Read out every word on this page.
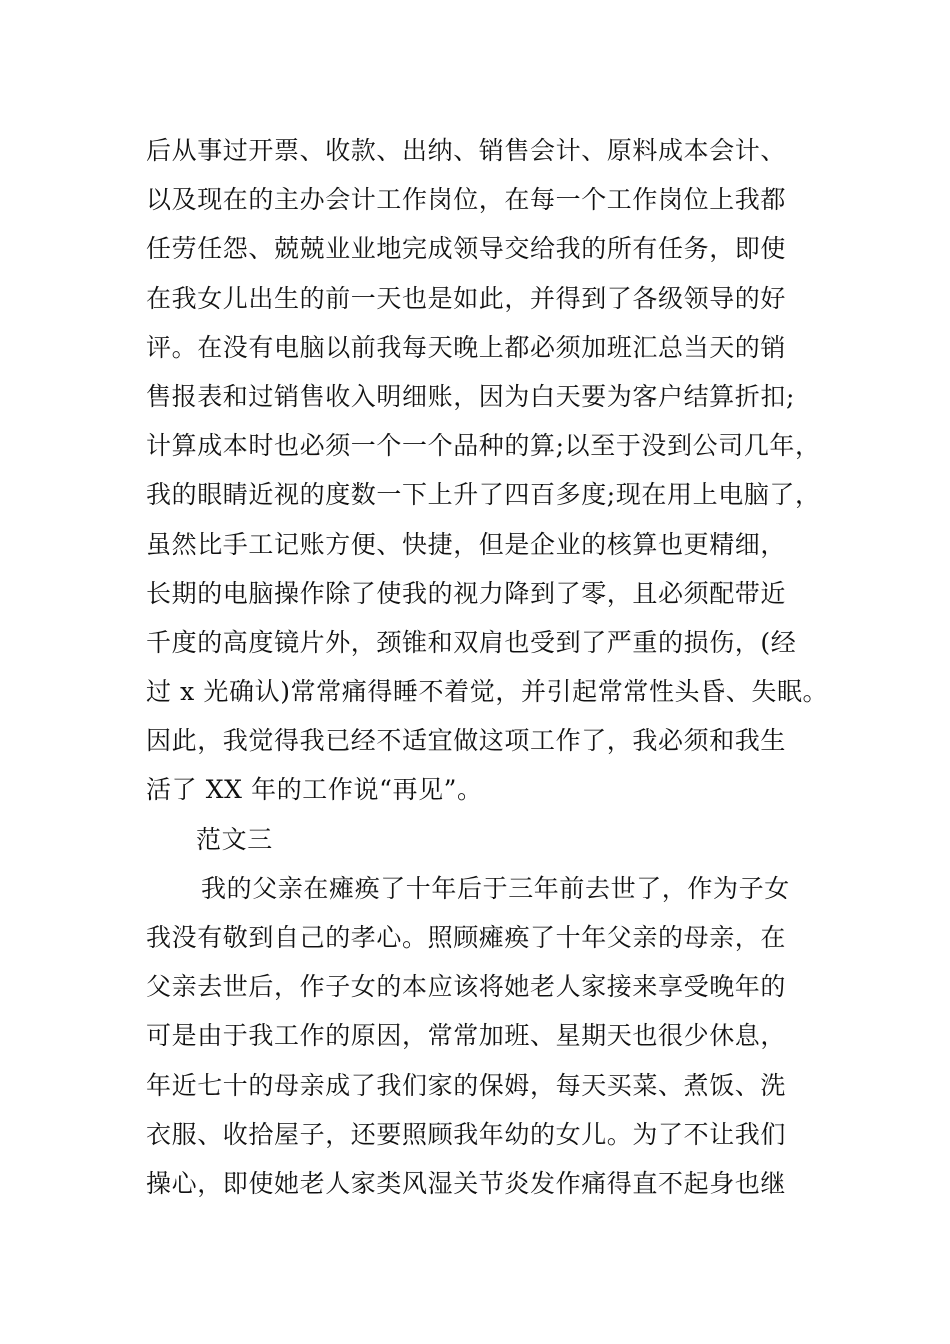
后从事过开票、收款、出纳、销售会计、原料成本会计、
以及现在的主办会计工作岗位，在每一个工作岗位上我都
任劳任怨、兢兢业业地完成领导交给我的所有任务，即使
在我女儿出生的前一天也是如此，并得到了各级领导的好
评。在没有电脑以前我每天晚上都必须加班汇总当天的销
售报表和过销售收入明细账，因为白天要为客户结算折扣;
计算成本时也必须一个一个品种的算;以至于没到公司几年，
我的眼睛近视的度数一下上升了四百多度;现在用上电脑了，
虽然比手工记账方便、快捷，但是企业的核算也更精细，
长期的电脑操作除了使我的视力降到了零，且必须配带近
千度的高度镜片外，颈锥和双肩也受到了严重的损伤，(经
过 x 光确认)常常痛得睡不着觉，并引起常常性头昏、失眠。
因此，我觉得我已经不适宜做这项工作了，我必须和我生
活了 XX 年的工作说“再见”。
范文三
我的父亲在瘫痪了十年后于三年前去世了，作为子女
我没有敬到自己的孝心。照顾瘫痪了十年父亲的母亲，在
父亲去世后，作子女的本应该将她老人家接来享受晚年的
可是由于我工作的原因，常常加班、星期天也很少休息，
年近七十的母亲成了我们家的保姆，每天买菜、煮饭、洗
衣服、收拾屋子，还要照顾我年幼的女儿。为了不让我们
操心，即使她老人家类风湿关节炎发作痛得直不起身也继
